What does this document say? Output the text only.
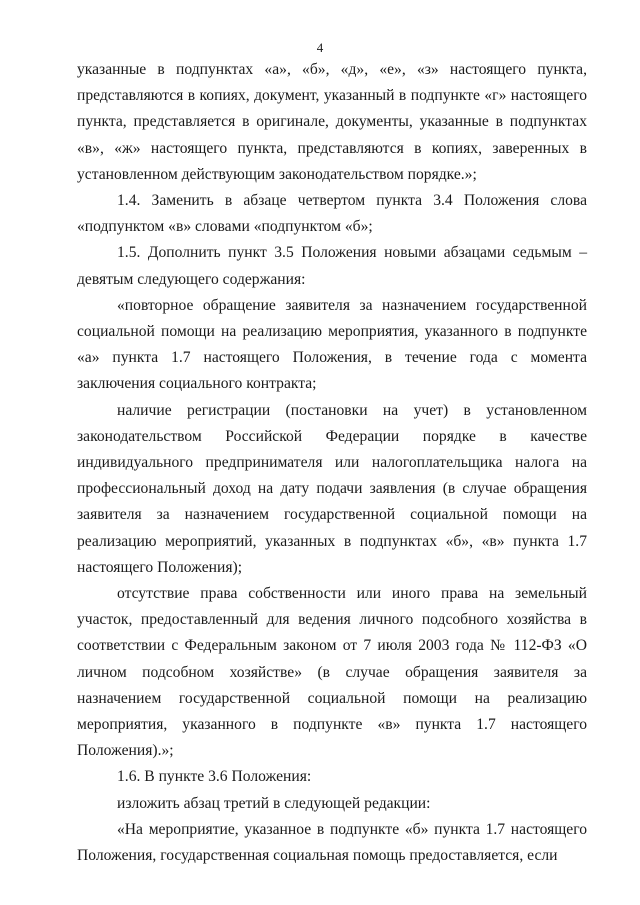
4

указанные в подпунктах «а», «б», «д», «е», «з» настоящего пункта, представляются в копиях, документ, указанный в подпункте «г» настоящего пункта, представляется в оригинале, документы, указанные в подпунктах «в», «ж» настоящего пункта, представляются в копиях, заверенных в установленном действующим законодательством порядке.»;

1.4. Заменить в абзаце четвертом пункта 3.4 Положения слова «подпунктом «в» словами «подпунктом «б»;

1.5. Дополнить пункт 3.5 Положения новыми абзацами седьмым – девятым следующего содержания:

«повторное обращение заявителя за назначением государственной социальной помощи на реализацию мероприятия, указанного в подпункте «а» пункта 1.7 настоящего Положения, в течение года с момента заключения социального контракта;

наличие регистрации (постановки на учет) в установленном законодательством Российской Федерации порядке в качестве индивидуального предпринимателя или налогоплательщика налога на профессиональный доход на дату подачи заявления (в случае обращения заявителя за назначением государственной социальной помощи на реализацию мероприятий, указанных в подпунктах «б», «в» пункта 1.7 настоящего Положения);

отсутствие права собственности или иного права на земельный участок, предоставленный для ведения личного подсобного хозяйства в соответствии с Федеральным законом от 7 июля 2003 года № 112-ФЗ «О личном подсобном хозяйстве» (в случае обращения заявителя за назначением государственной социальной помощи на реализацию мероприятия, указанного в подпункте «в» пункта 1.7 настоящего Положения).»;

1.6. В пункте 3.6 Положения:

изложить абзац третий в следующей редакции:

«На мероприятие, указанное в подпункте «б» пункта 1.7 настоящего Положения, государственная социальная помощь предоставляется, если
